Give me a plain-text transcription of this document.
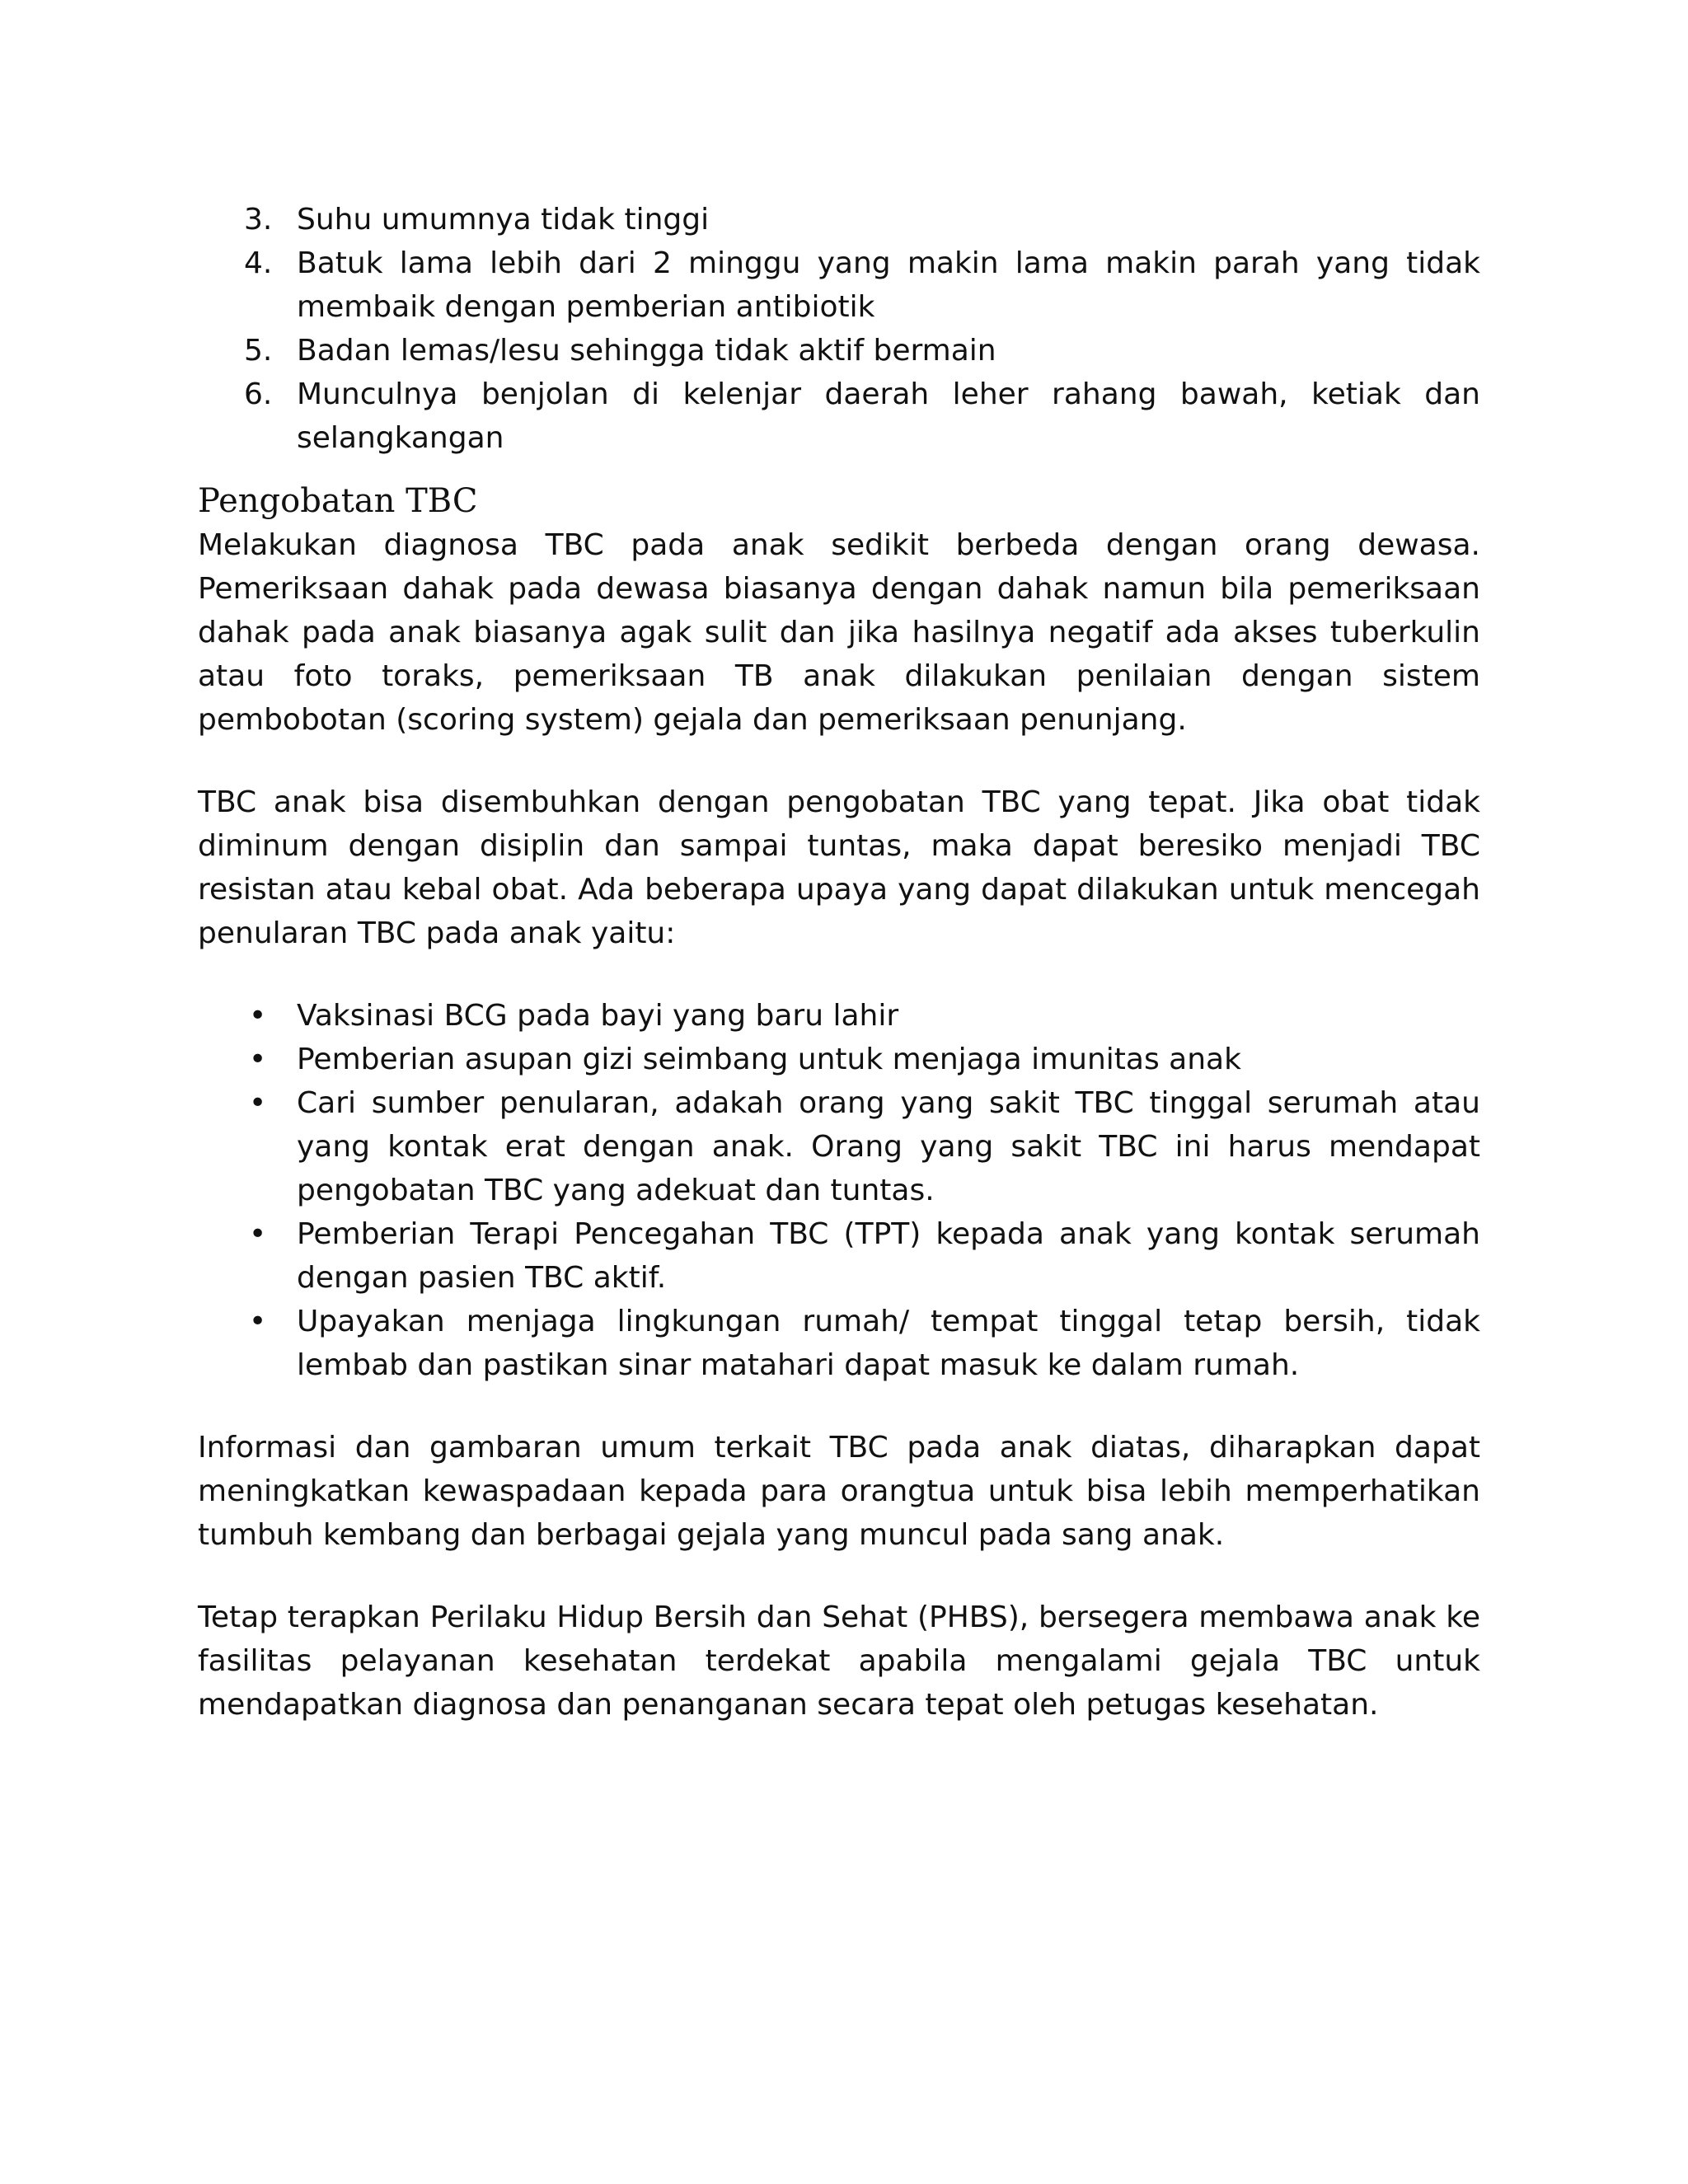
3. Suhu umumnya tidak tinggi
4. Batuk lama lebih dari 2 minggu yang makin lama makin parah yang tidak membaik dengan pemberian antibiotik
5. Badan lemas/lesu sehingga tidak aktif bermain
6. Munculnya benjolan di kelenjar daerah leher rahang bawah, ketiak dan selangkangan
Pengobatan TBC

Melakukan diagnosa TBC pada anak sedikit berbeda dengan orang dewasa. Pemeriksaan dahak pada dewasa biasanya dengan dahak namun bila pemeriksaan dahak pada anak biasanya agak sulit dan jika hasilnya negatif ada akses tuberkulin atau foto toraks, pemeriksaan TB anak dilakukan penilaian dengan sistem pembobotan (scoring system) gejala dan pemeriksaan penunjang.

TBC anak bisa disembuhkan dengan pengobatan TBC yang tepat. Jika obat tidak diminum dengan disiplin dan sampai tuntas, maka dapat beresiko menjadi TBC resistan atau kebal obat. Ada beberapa upaya yang dapat dilakukan untuk mencegah penularan TBC pada anak yaitu:

• Vaksinasi BCG pada bayi yang baru lahir
• Pemberian asupan gizi seimbang untuk menjaga imunitas anak
• Cari sumber penularan, adakah orang yang sakit TBC tinggal serumah atau yang kontak erat dengan anak. Orang yang sakit TBC ini harus mendapat pengobatan TBC yang adekuat dan tuntas.
• Pemberian Terapi Pencegahan TBC (TPT) kepada anak yang kontak serumah dengan pasien TBC aktif.
• Upayakan menjaga lingkungan rumah/ tempat tinggal tetap bersih, tidak lembab dan pastikan sinar matahari dapat masuk ke dalam rumah.

Informasi dan gambaran umum terkait TBC pada anak diatas, diharapkan dapat meningkatkan kewaspadaan kepada para orangtua untuk bisa lebih memperhatikan tumbuh kembang dan berbagai gejala yang muncul pada sang anak.

Tetap terapkan Perilaku Hidup Bersih dan Sehat (PHBS), bersegera membawa anak ke fasilitas pelayanan kesehatan terdekat apabila mengalami gejala TBC untuk mendapatkan diagnosa dan penanganan secara tepat oleh petugas kesehatan.
